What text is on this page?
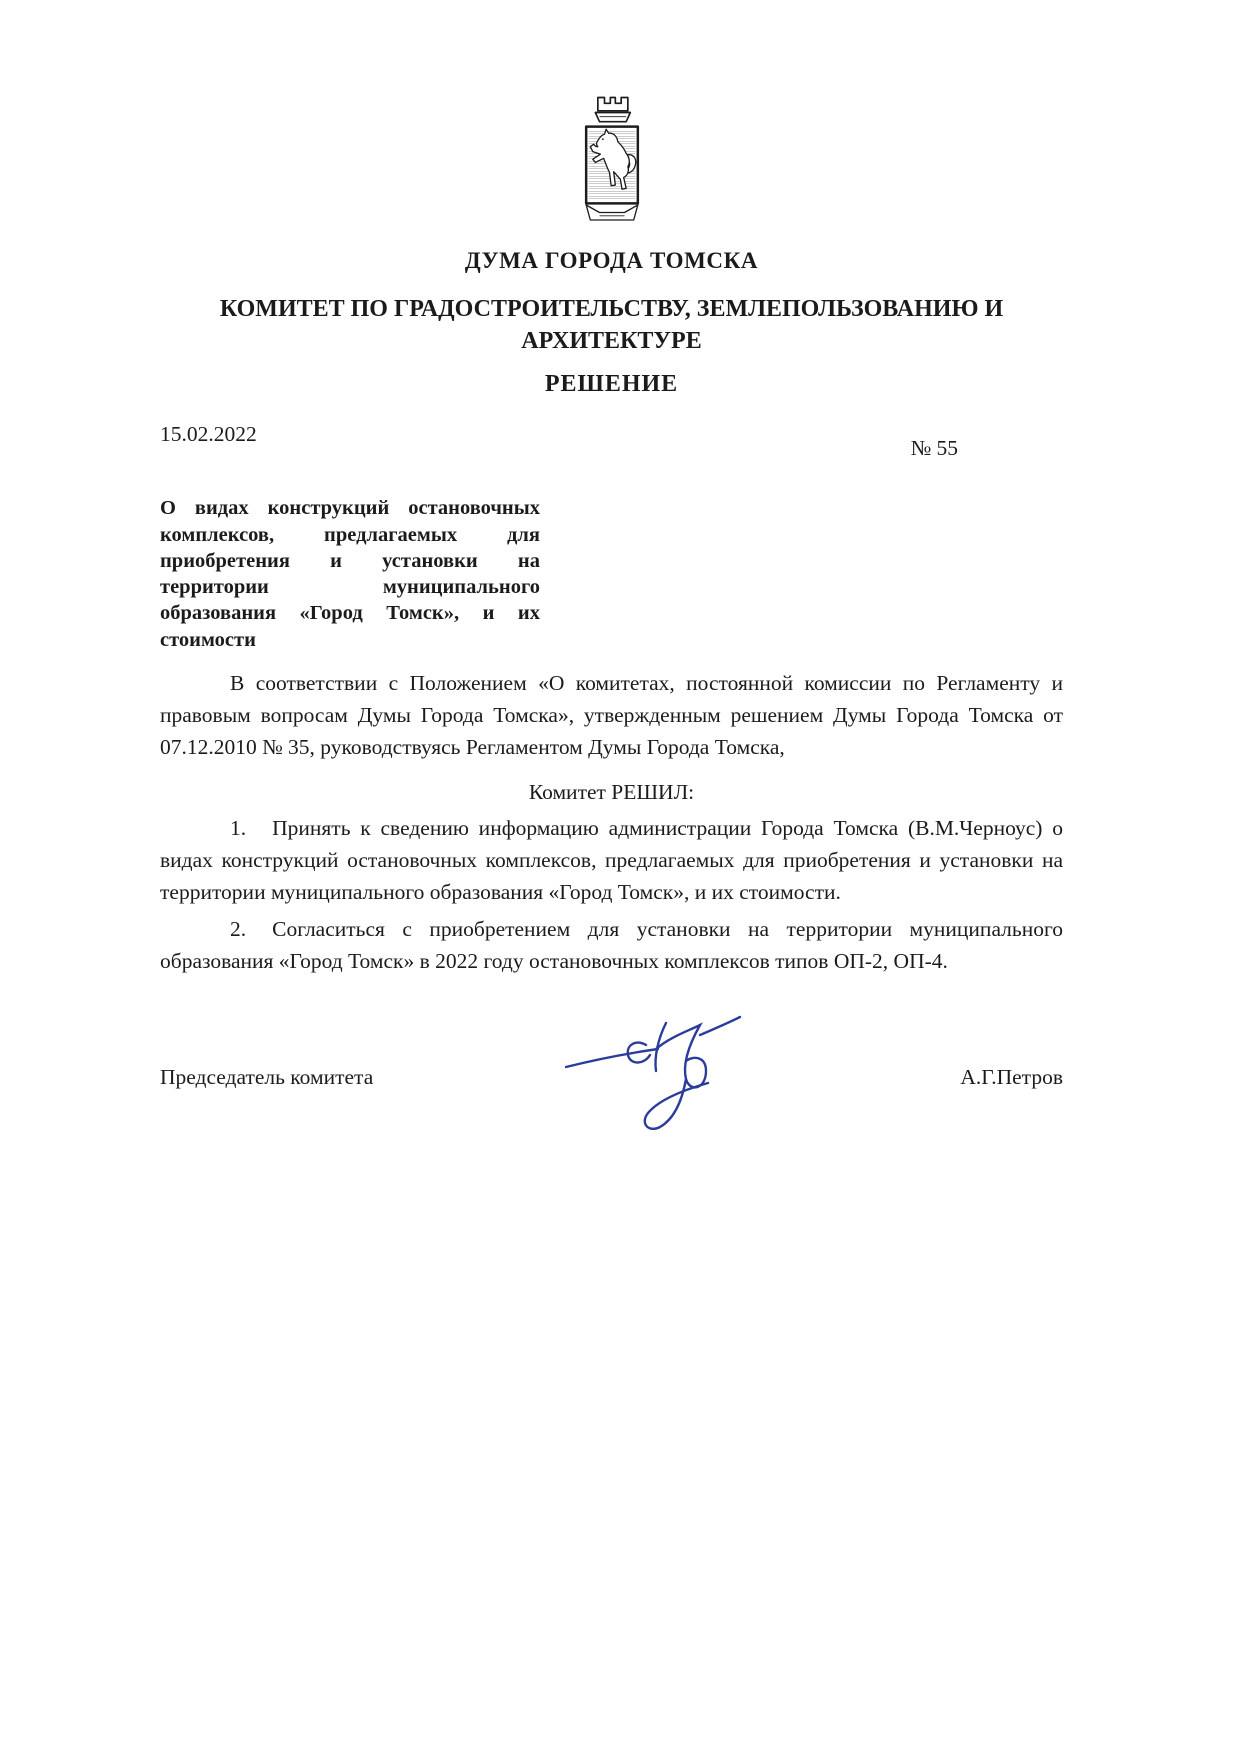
ДУМА ГОРОДА ТОМСКА
КОМИТЕТ ПО ГРАДОСТРОИТЕЛЬСТВУ, ЗЕМЛЕПОЛЬЗОВАНИЮ И АРХИТЕКТУРЕ
РЕШЕНИЕ
15.02.2022
№ 55
О видах конструкций остановочных комплексов, предлагаемых для приобретения и установки на территории муниципального образования «Город Томск», и их стоимости

В соответствии с Положением «О комитетах, постоянной комиссии по Регламенту и правовым вопросам Думы Города Томска», утвержденным решением Думы Города Томска от 07.12.2010 № 35, руководствуясь Регламентом Думы Города Томска,

Комитет РЕШИЛ:

1. Принять к сведению информацию администрации Города Томска (В.М.Черноус) о видах конструкций остановочных комплексов, предлагаемых для приобретения и установки на территории муниципального образования «Город Томск», и их стоимости.

2. Согласиться с приобретением для установки на территории муниципального образования «Город Томск» в 2022 году остановочных комплексов типов ОП-2, ОП-4.

Председатель комитета	А.Г.Петров
